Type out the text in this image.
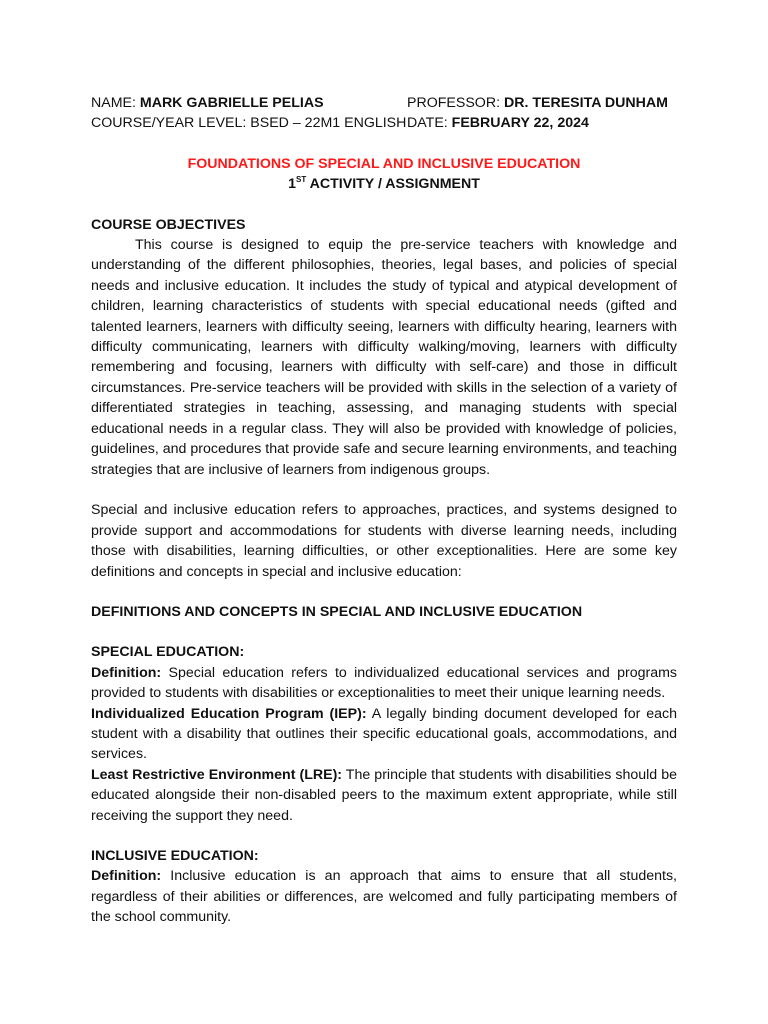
NAME: MARK GABRIELLE PELIAS	PROFESSOR: DR. TERESITA DUNHAM
COURSE/YEAR LEVEL: BSED – 22M1 ENGLISH DATE: FEBRUARY 22, 2024
FOUNDATIONS OF SPECIAL AND INCLUSIVE EDUCATION
1ST ACTIVITY / ASSIGNMENT
COURSE OBJECTIVES

This course is designed to equip the pre-service teachers with knowledge and understanding of the different philosophies, theories, legal bases, and policies of special needs and inclusive education. It includes the study of typical and atypical development of children, learning characteristics of students with special educational needs (gifted and talented learners, learners with difficulty seeing, learners with difficulty hearing, learners with difficulty communicating, learners with difficulty walking/moving, learners with difficulty remembering and focusing, learners with difficulty with self-care) and those in difficult circumstances. Pre-service teachers will be provided with skills in the selection of a variety of differentiated strategies in teaching, assessing, and managing students with special educational needs in a regular class. They will also be provided with knowledge of policies, guidelines, and procedures that provide safe and secure learning environments, and teaching strategies that are inclusive of learners from indigenous groups.

Special and inclusive education refers to approaches, practices, and systems designed to provide support and accommodations for students with diverse learning needs, including those with disabilities, learning difficulties, or other exceptionalities. Here are some key definitions and concepts in special and inclusive education:

DEFINITIONS AND CONCEPTS IN SPECIAL AND INCLUSIVE EDUCATION
SPECIAL EDUCATION:

Definition: Special education refers to individualized educational services and programs provided to students with disabilities or exceptionalities to meet their unique learning needs.

Individualized Education Program (IEP): A legally binding document developed for each student with a disability that outlines their specific educational goals, accommodations, and services.

Least Restrictive Environment (LRE): The principle that students with disabilities should be educated alongside their non-disabled peers to the maximum extent appropriate, while still receiving the support they need.

INCLUSIVE EDUCATION:

Definition: Inclusive education is an approach that aims to ensure that all students, regardless of their abilities or differences, are welcomed and fully participating members of the school community.
